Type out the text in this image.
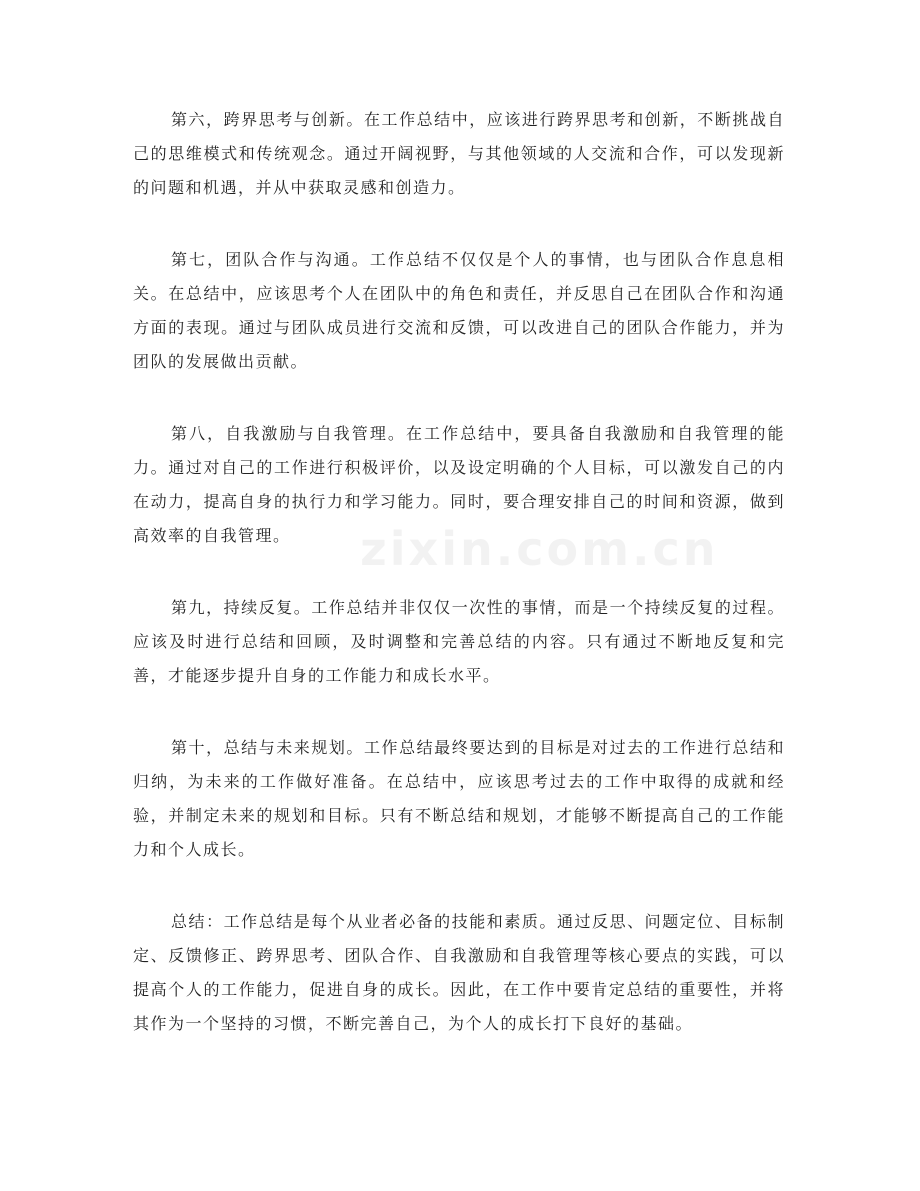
第六，跨界思考与创新。在工作总结中，应该进行跨界思考和创新，不断挑战自己的思维模式和传统观念。通过开阔视野，与其他领域的人交流和合作，可以发现新的问题和机遇，并从中获取灵感和创造力。

第七，团队合作与沟通。工作总结不仅仅是个人的事情，也与团队合作息息相关。在总结中，应该思考个人在团队中的角色和责任，并反思自己在团队合作和沟通方面的表现。通过与团队成员进行交流和反馈，可以改进自己的团队合作能力，并为团队的发展做出贡献。

第八，自我激励与自我管理。在工作总结中，要具备自我激励和自我管理的能力。通过对自己的工作进行积极评价，以及设定明确的个人目标，可以激发自己的内在动力，提高自身的执行力和学习能力。同时，要合理安排自己的时间和资源，做到高效率的自我管理。

第九，持续反复。工作总结并非仅仅一次性的事情，而是一个持续反复的过程。应该及时进行总结和回顾，及时调整和完善总结的内容。只有通过不断地反复和完善，才能逐步提升自身的工作能力和成长水平。

第十，总结与未来规划。工作总结最终要达到的目标是对过去的工作进行总结和归纳，为未来的工作做好准备。在总结中，应该思考过去的工作中取得的成就和经验，并制定未来的规划和目标。只有不断总结和规划，才能够不断提高自己的工作能力和个人成长。

总结：工作总结是每个从业者必备的技能和素质。通过反思、问题定位、目标制定、反馈修正、跨界思考、团队合作、自我激励和自我管理等核心要点的实践，可以提高个人的工作能力，促进自身的成长。因此，在工作中要肯定总结的重要性，并将其作为一个坚持的习惯，不断完善自己，为个人的成长打下良好的基础。

zixin.com.cn
